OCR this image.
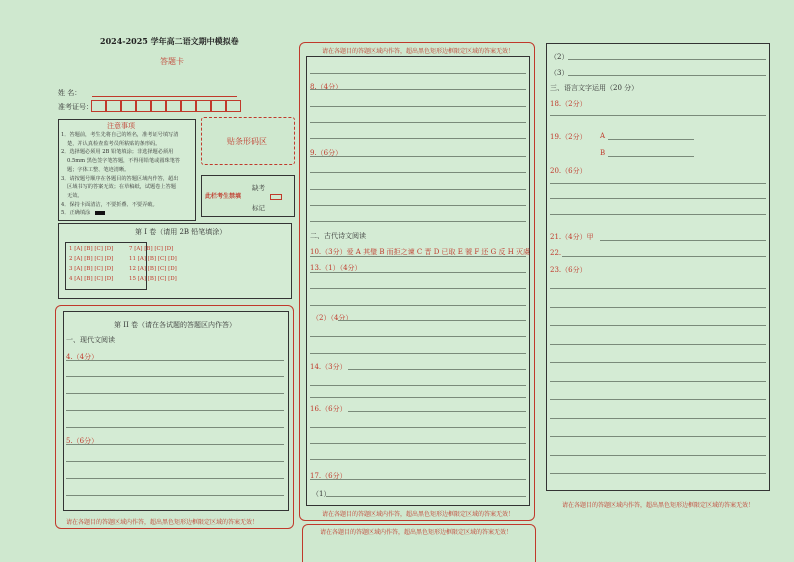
2024-2025 学年高二语文期中模拟卷
答题卡
姓 名：
准考证号：
注意事项
1．答题前，考生先将自己的姓名，准考证号填写清
楚，并认真检查监考员所粘贴的条形码。
2．选择题必须用 2B 铅笔填涂；非选择题必须用
0.5mm 黑色签字笔答题，不得用铅笔或圆珠笔答
题；字体工整、笔迹清晰。
3．请按题号顺序在各题目的答题区域内作答，超出
区域书写的答案无效；在草稿纸，试题卷上答题
无效。
4．保持卡面清洁，不要折叠、不要弄破。
5．正确填涂
贴条形码区
此栏考生禁填
缺考
标记
第 I 卷（请用 2B 铅笔填涂）
1 [A] [B] [C] [D]
2 [A] [B] [C] [D]
3 [A] [B] [C] [D]
4 [A] [B] [C] [D]
7 [A] [B] [C] [D]
11 [A] [B] [C] [D]
12 [A] [B] [C] [D]
15 [A] [B] [C] [D]
第 II 卷（请在各试题的答题区内作答）
一、现代文阅读
4.（4分）
5.（6分）
请在各题目的答题区域内作答，超出黑色矩形边框限定区域的答案无效！
请在各题目的答题区域内作答，超出黑色矩形边框限定区域的答案无效！
8.（4分）
9.（6分）
二、古代诗文阅读
10.（3分）爱 A 其璧 B 而拒之谏 C 晋 D 已取 E 虢 F 还 G 反 H 灭虞
13.（1）（4分）
（2）（4分）
14.（3分）
16.（6分）
17.（6分）
（1）
请在各题目的答题区域内作答，超出黑色矩形边框限定区域的答案无效！
请在各题目的答题区域内作答，超出黑色矩形边框限定区域的答案无效！
（2）
（3）
三、语言文字运用（20 分）
18.（2分）
19.（2分） A
B
20.（6分）
21.（4分）甲
22.
23.（6分）
请在各题目的答题区域内作答，超出黑色矩形边框限定区域的答案无效！
